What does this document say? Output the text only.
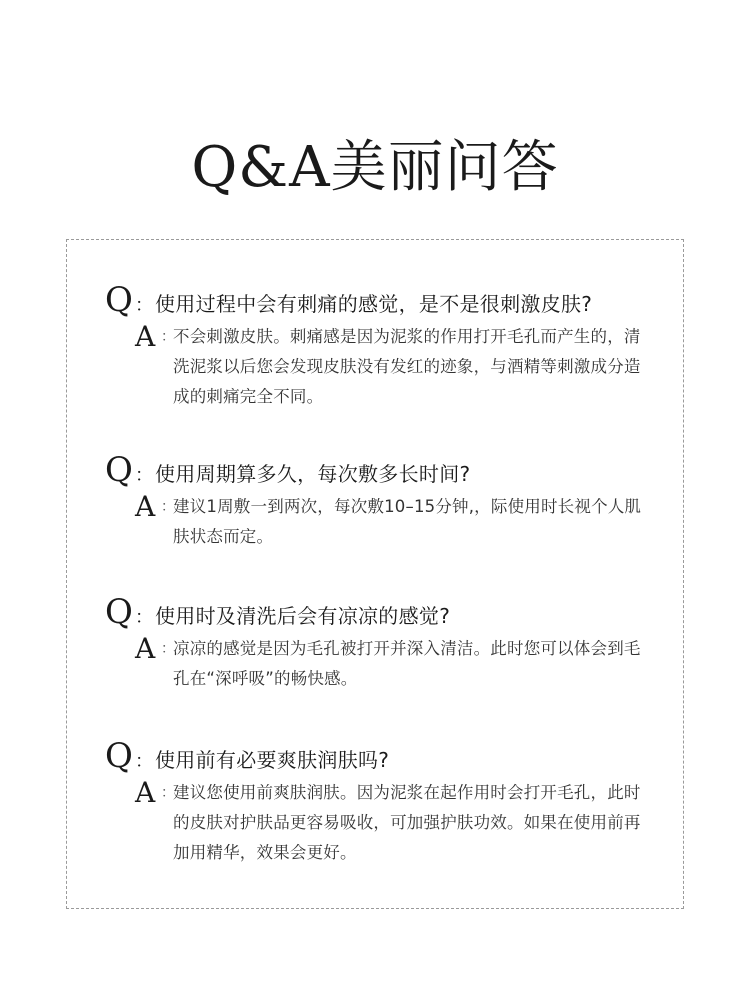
Q&A美丽问答
Q ： 使用过程中会有刺痛的感觉，是不是很刺激皮肤?
A ：
不会刺激皮肤。刺痛感是因为泥浆的作用打开毛孔而产生的，清洗泥浆以后您会发现皮肤没有发红的迹象，与酒精等刺激成分造成的刺痛完全不同。
Q ： 使用周期算多久，每次敷多长时间?
A ：
建议1周敷一到两次，每次敷10–15分钟,，际使用时长视个人肌肤状态而定。
Q ： 使用时及清洗后会有凉凉的感觉?
A ：
凉凉的感觉是因为毛孔被打开并深入清洁。此时您可以体会到毛孔在“深呼吸”的畅快感。
Q ： 使用前有必要爽肤润肤吗?
A ：
建议您使用前爽肤润肤。因为泥浆在起作用时会打开毛孔，此时的皮肤对护肤品更容易吸收，可加强护肤功效。如果在使用前再加用精华，效果会更好。
